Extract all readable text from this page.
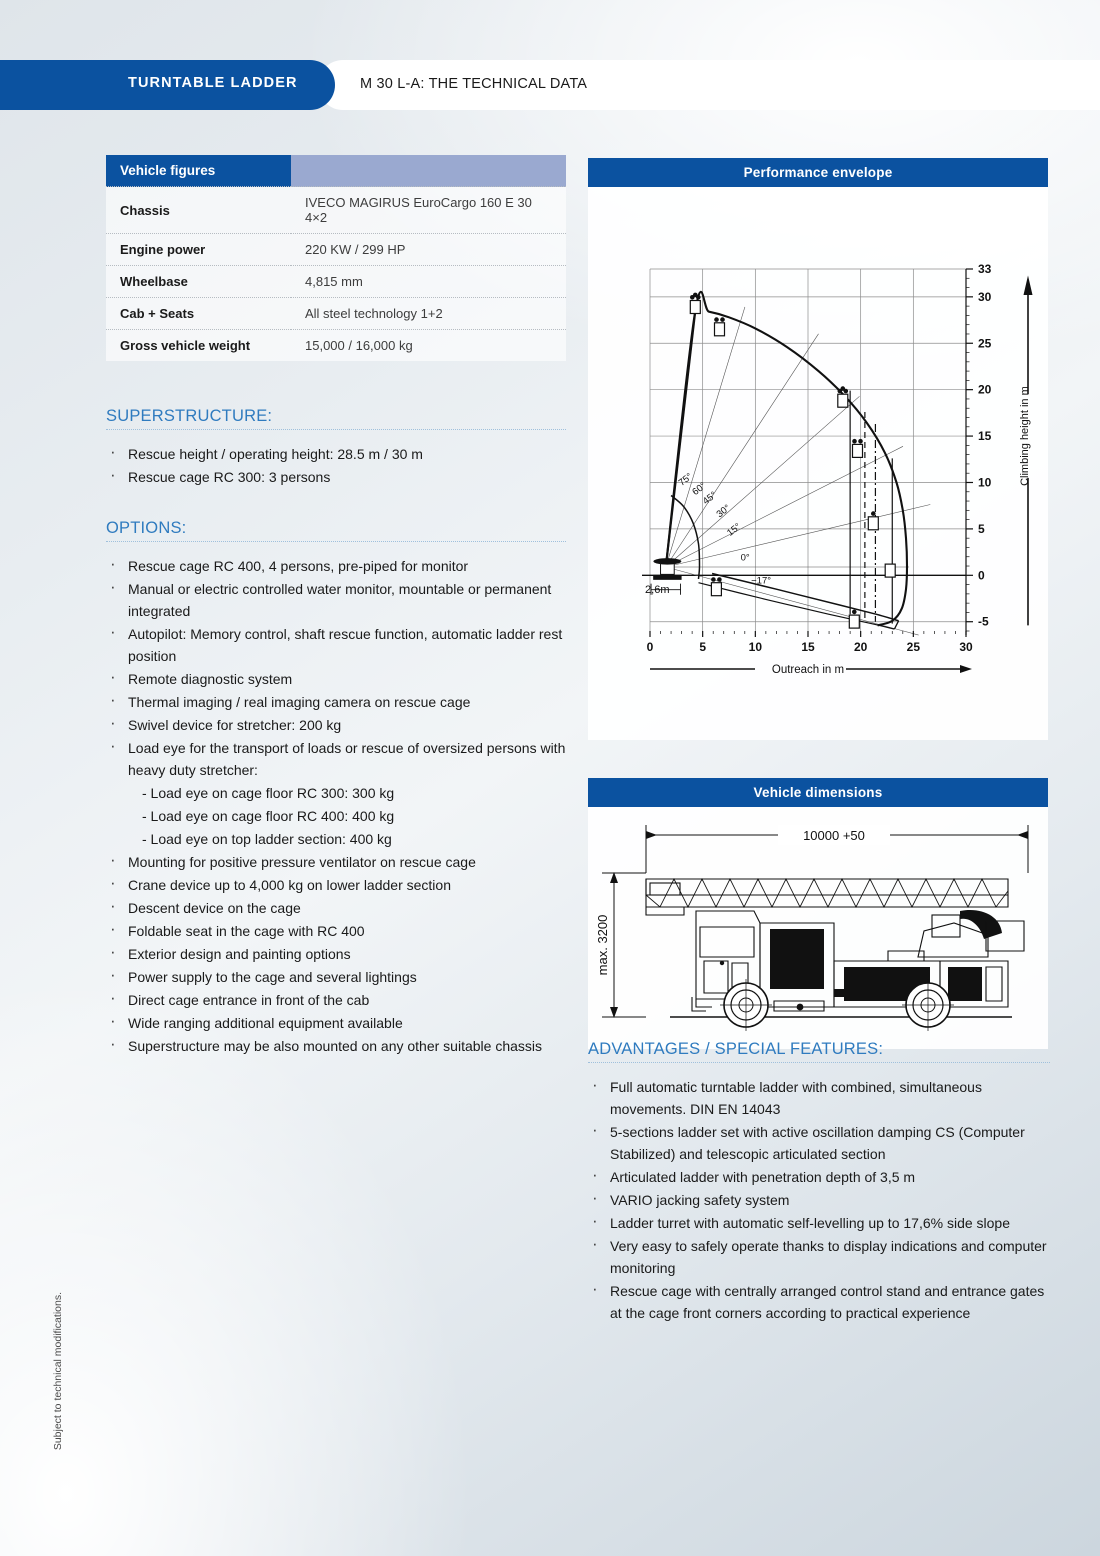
TURNTABLE LADDER	M 30 L-A: THE TECHNICAL DATA
Vehicle figures	
Chassis	IVECO MAGIRUS EuroCargo 160 E 30 4×2
Engine power	220 KW / 299 HP
Wheelbase	4,815 mm
Cab + Seats	All steel technology 1+2
Gross vehicle weight	15,000 / 16,000 kg
SUPERSTRUCTURE:
· Rescue height / operating height: 28.5 m / 30 m
· Rescue cage RC 300: 3 persons
OPTIONS:
· Rescue cage RC 400, 4 persons, pre-piped for monitor
· Manual or electric controlled water monitor, mountable or permanent integrated
· Autopilot: Memory control, shaft rescue function, automatic ladder rest position
· Remote diagnostic system
· Thermal imaging / real imaging camera on rescue cage
· Swivel device for stretcher: 200 kg
· Load eye for the transport of loads or rescue of oversized persons with heavy duty stretcher:
- Load eye on cage floor RC 300: 300 kg
- Load eye on cage floor RC 400: 400 kg
- Load eye on top ladder section: 400 kg
· Mounting for positive pressure ventilator on rescue cage
· Crane device up to 4,000 kg on lower ladder section
· Descent device on the cage
· Foldable seat in the cage with RC 400
· Exterior design and painting options
· Power supply to the cage and several lightings
· Direct cage entrance in front of the cab
· Wide ranging additional equipment available
· Superstructure may be also mounted on any other suitable chassis
Performance envelope
2,6m
75°
60°
45°
30°
15°
0°
−17°
0	5	10	15	20	25	30
-5
0
5
10
15
20
25
30
33
Outreach in m
Climbing height in m
Vehicle dimensions
10000 +50
max. 3200
ADVANTAGES / SPECIAL FEATURES:
· Full automatic turntable ladder with combined, simultaneous movements. DIN EN 14043
· 5-sections ladder set with active oscillation damping CS (Computer Stabilized) and telescopic articulated section
· Articulated ladder with penetration depth of 3,5 m
· VARIO jacking safety system
· Ladder turret with automatic self-levelling up to 17,6% side slope
· Very easy to safely operate thanks to display indications and computer monitoring
· Rescue cage with centrally arranged control stand and entrance gates at the cage front corners according to practical experience
Subject to technical modifications.
